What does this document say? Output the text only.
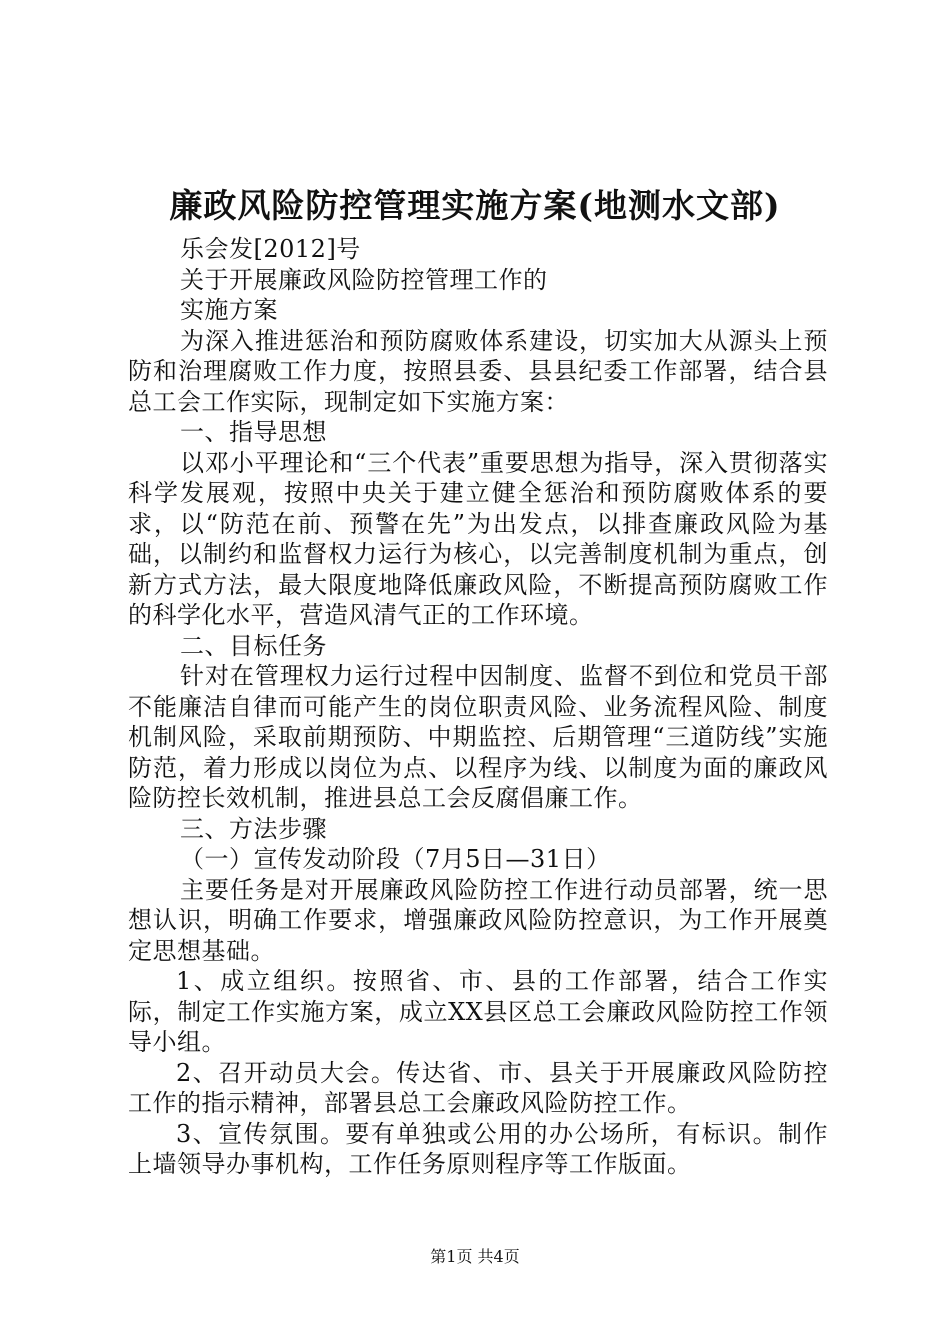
廉政风险防控管理实施方案(地测水文部)

乐会发[2012]号

关于开展廉政风险防控管理工作的

实施方案

为深入推进惩治和预防腐败体系建设，切实加大从源头上预防和治理腐败工作力度，按照县委、县县纪委工作部署，结合县总工会工作实际，现制定如下实施方案：

一、指导思想

以邓小平理论和“三个代表”重要思想为指导，深入贯彻落实科学发展观，按照中央关于建立健全惩治和预防腐败体系的要求，以“防范在前、预警在先”为出发点，以排查廉政风险为基础，以制约和监督权力运行为核心，以完善制度机制为重点，创新方式方法，最大限度地降低廉政风险，不断提高预防腐败工作的科学化水平，营造风清气正的工作环境。

二、目标任务

针对在管理权力运行过程中因制度、监督不到位和党员干部不能廉洁自律而可能产生的岗位职责风险、业务流程风险、制度机制风险，采取前期预防、中期监控、后期管理“三道防线”实施防范，着力形成以岗位为点、以程序为线、以制度为面的廉政风险防控长效机制，推进县总工会反腐倡廉工作。

三、方法步骤

（一）宣传发动阶段（7月5日—31日）

主要任务是对开展廉政风险防控工作进行动员部署，统一思想认识，明确工作要求，增强廉政风险防控意识，为工作开展奠定思想基础。

1、成立组织。按照省、市、县的工作部署，结合工作实际，制定工作实施方案，成立XX县区总工会廉政风险防控工作领导小组。

2、召开动员大会。传达省、市、县关于开展廉政风险防控工作的指示精神，部署县总工会廉政风险防控工作。

3、宣传氛围。要有单独或公用的办公场所，有标识。制作上墙领导办事机构，工作任务原则程序等工作版面。

第1页 共4页
